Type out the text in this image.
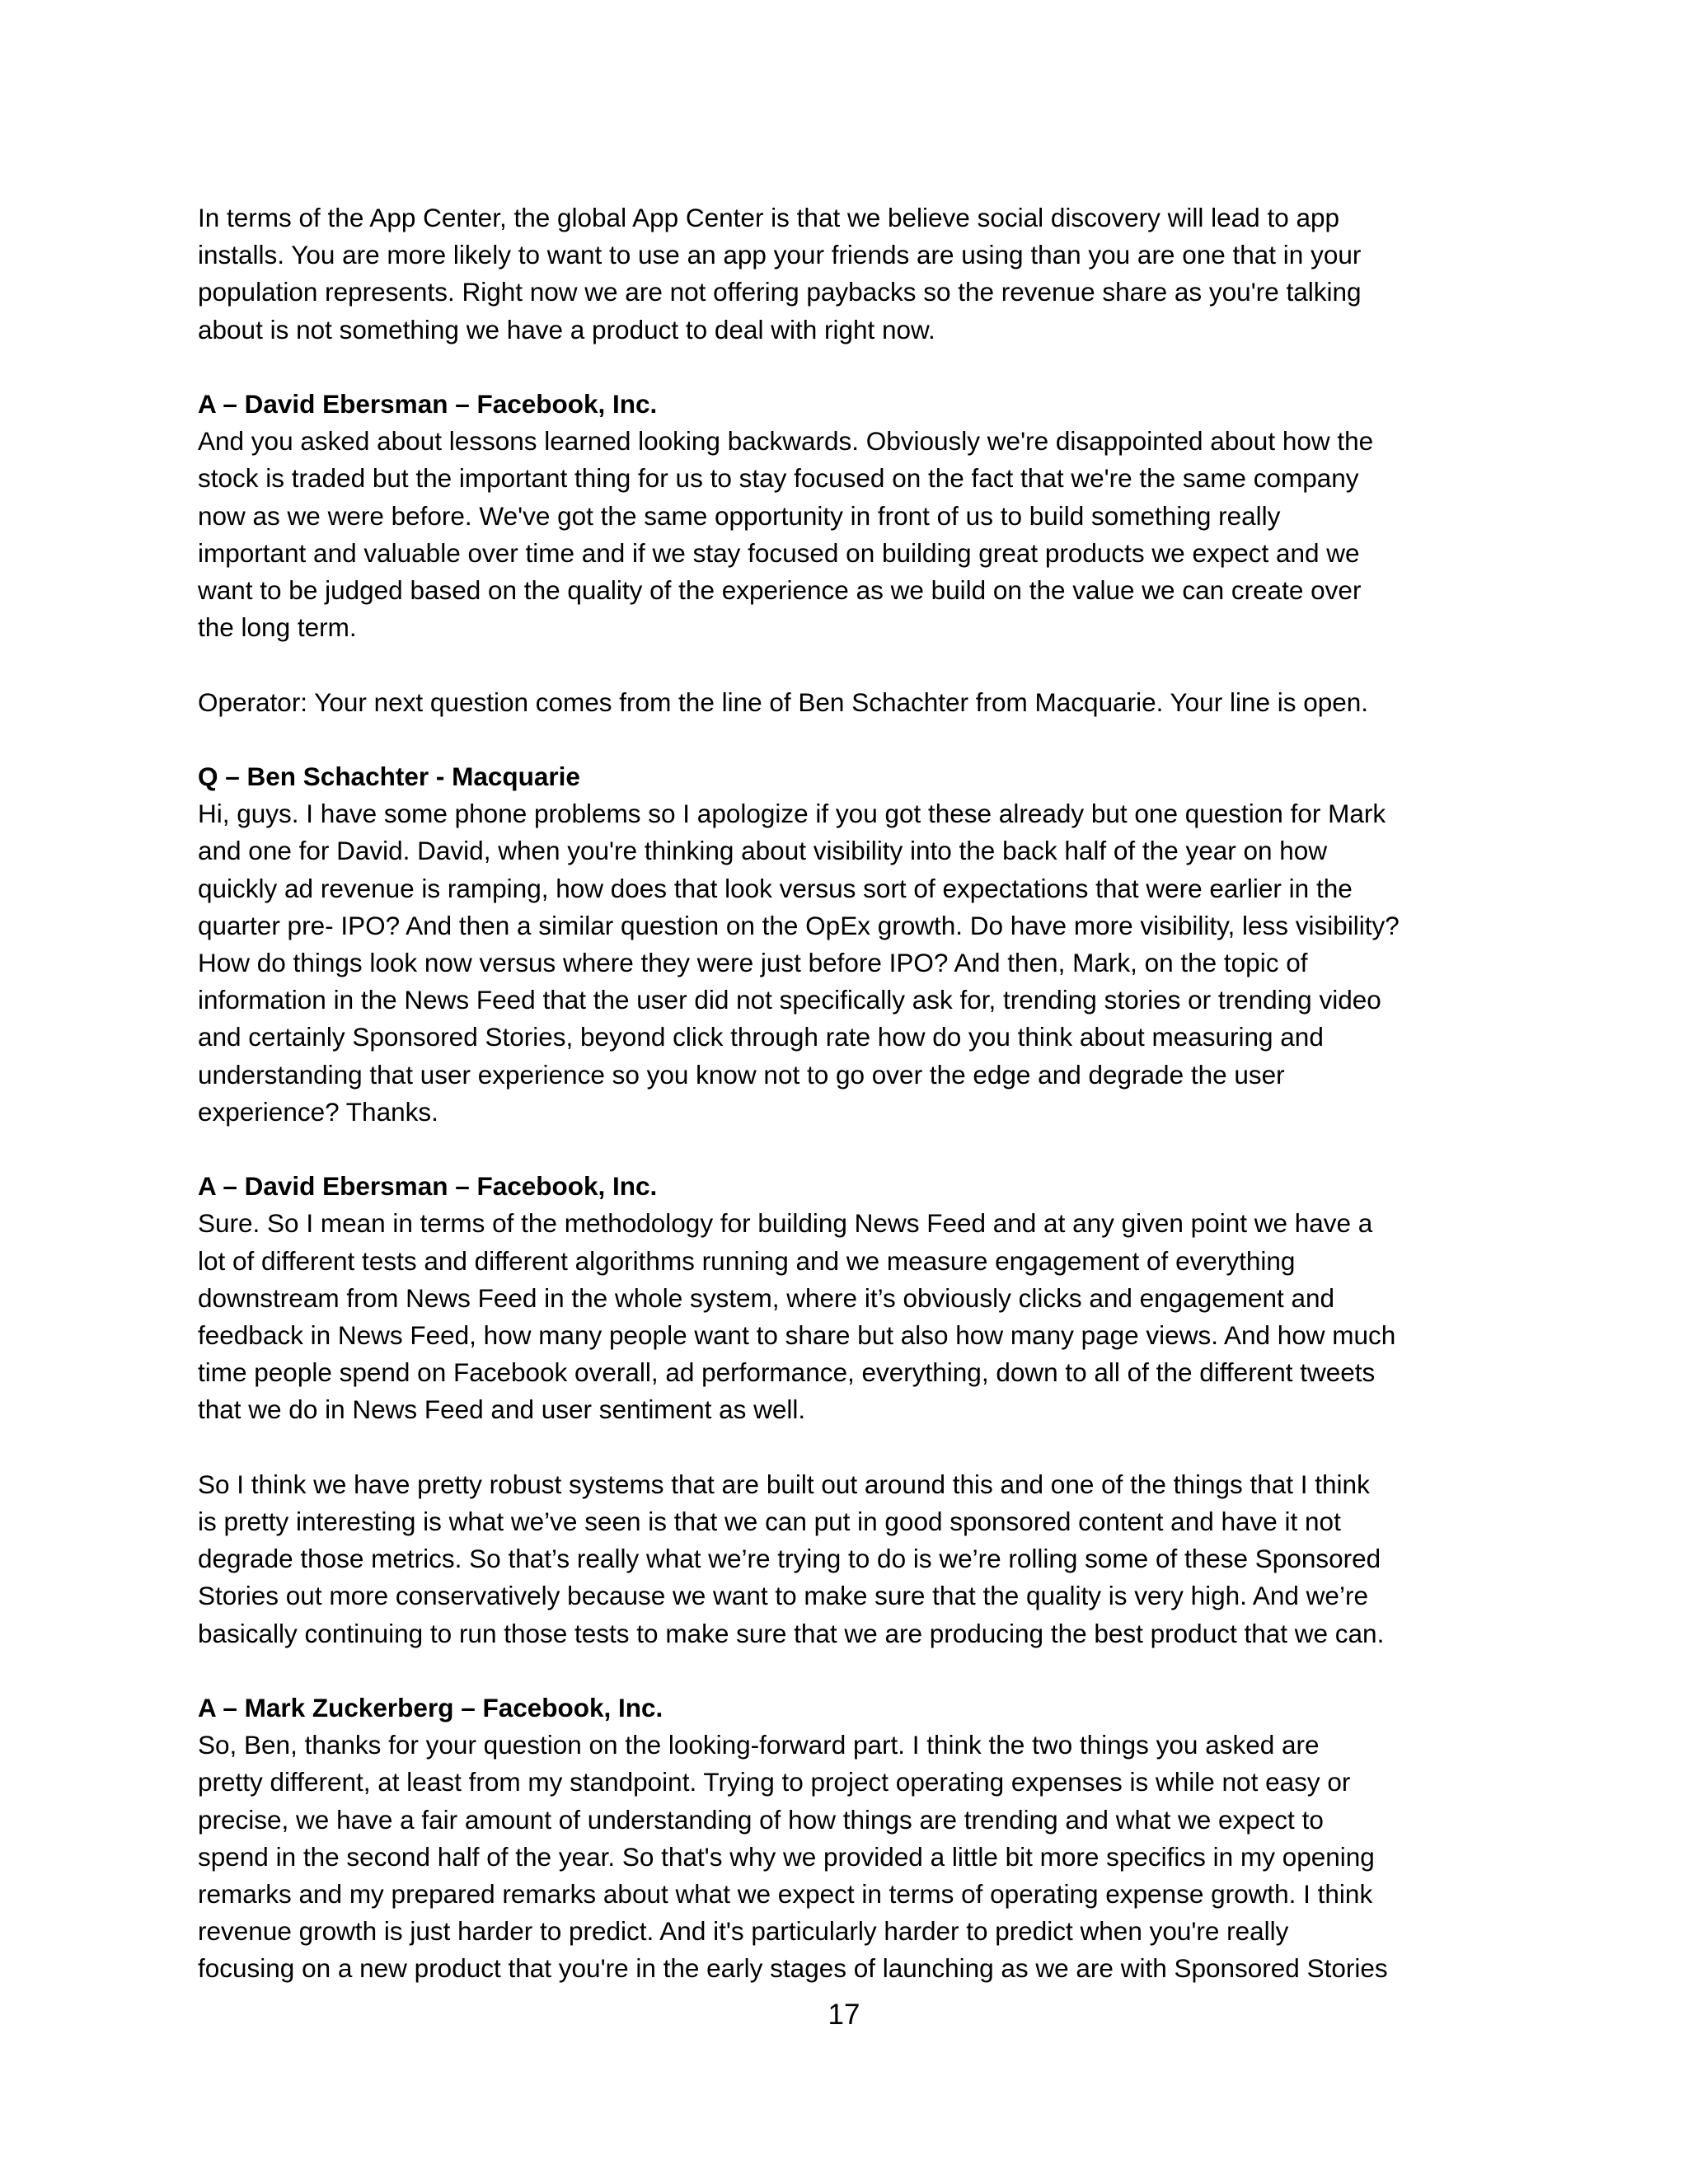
In terms of the App Center, the global App Center is that we believe social discovery will lead to app
installs. You are more likely to want to use an app your friends are using than you are one that in your
population represents. Right now we are not offering paybacks so the revenue share as you're talking
about is not something we have a product to deal with right now.
A – David Ebersman – Facebook, Inc.
And you asked about lessons learned looking backwards. Obviously we're disappointed about how the
stock is traded but the important thing for us to stay focused on the fact that we're the same company
now as we were before. We've got the same opportunity in front of us to build something really
important and valuable over time and if we stay focused on building great products we expect and we
want to be judged based on the quality of the experience as we build on the value we can create over
the long term.
Operator: Your next question comes from the line of Ben Schachter from Macquarie. Your line is open.
Q – Ben Schachter - Macquarie
Hi, guys. I have some phone problems so I apologize if you got these already but one question for Mark
and one for David. David, when you're thinking about visibility into the back half of the year on how
quickly ad revenue is ramping, how does that look versus sort of expectations that were earlier in the
quarter pre- IPO? And then a similar question on the OpEx growth. Do have more visibility, less visibility?
How do things look now versus where they were just before IPO? And then, Mark, on the topic of
information in the News Feed that the user did not specifically ask for, trending stories or trending video
and certainly Sponsored Stories, beyond click through rate how do you think about measuring and
understanding that user experience so you know not to go over the edge and degrade the user
experience? Thanks.
A – David Ebersman – Facebook, Inc.
Sure. So I mean in terms of the methodology for building News Feed and at any given point we have a
lot of different tests and different algorithms running and we measure engagement of everything
downstream from News Feed in the whole system, where it’s obviously clicks and engagement and
feedback in News Feed, how many people want to share but also how many page views. And how much
time people spend on Facebook overall, ad performance, everything, down to all of the different tweets
that we do in News Feed and user sentiment as well.
So I think we have pretty robust systems that are built out around this and one of the things that I think
is pretty interesting is what we’ve seen is that we can put in good sponsored content and have it not
degrade those metrics. So that’s really what we’re trying to do is we’re rolling some of these Sponsored
Stories out more conservatively because we want to make sure that the quality is very high. And we’re
basically continuing to run those tests to make sure that we are producing the best product that we can.
A – Mark Zuckerberg – Facebook, Inc.
So, Ben, thanks for your question on the looking-forward part. I think the two things you asked are
pretty different, at least from my standpoint. Trying to project operating expenses is while not easy or
precise, we have a fair amount of understanding of how things are trending and what we expect to
spend in the second half of the year. So that's why we provided a little bit more specifics in my opening
remarks and my prepared remarks about what we expect in terms of operating expense growth. I think
revenue growth is just harder to predict. And it's particularly harder to predict when you're really
focusing on a new product that you're in the early stages of launching as we are with Sponsored Stories
17
